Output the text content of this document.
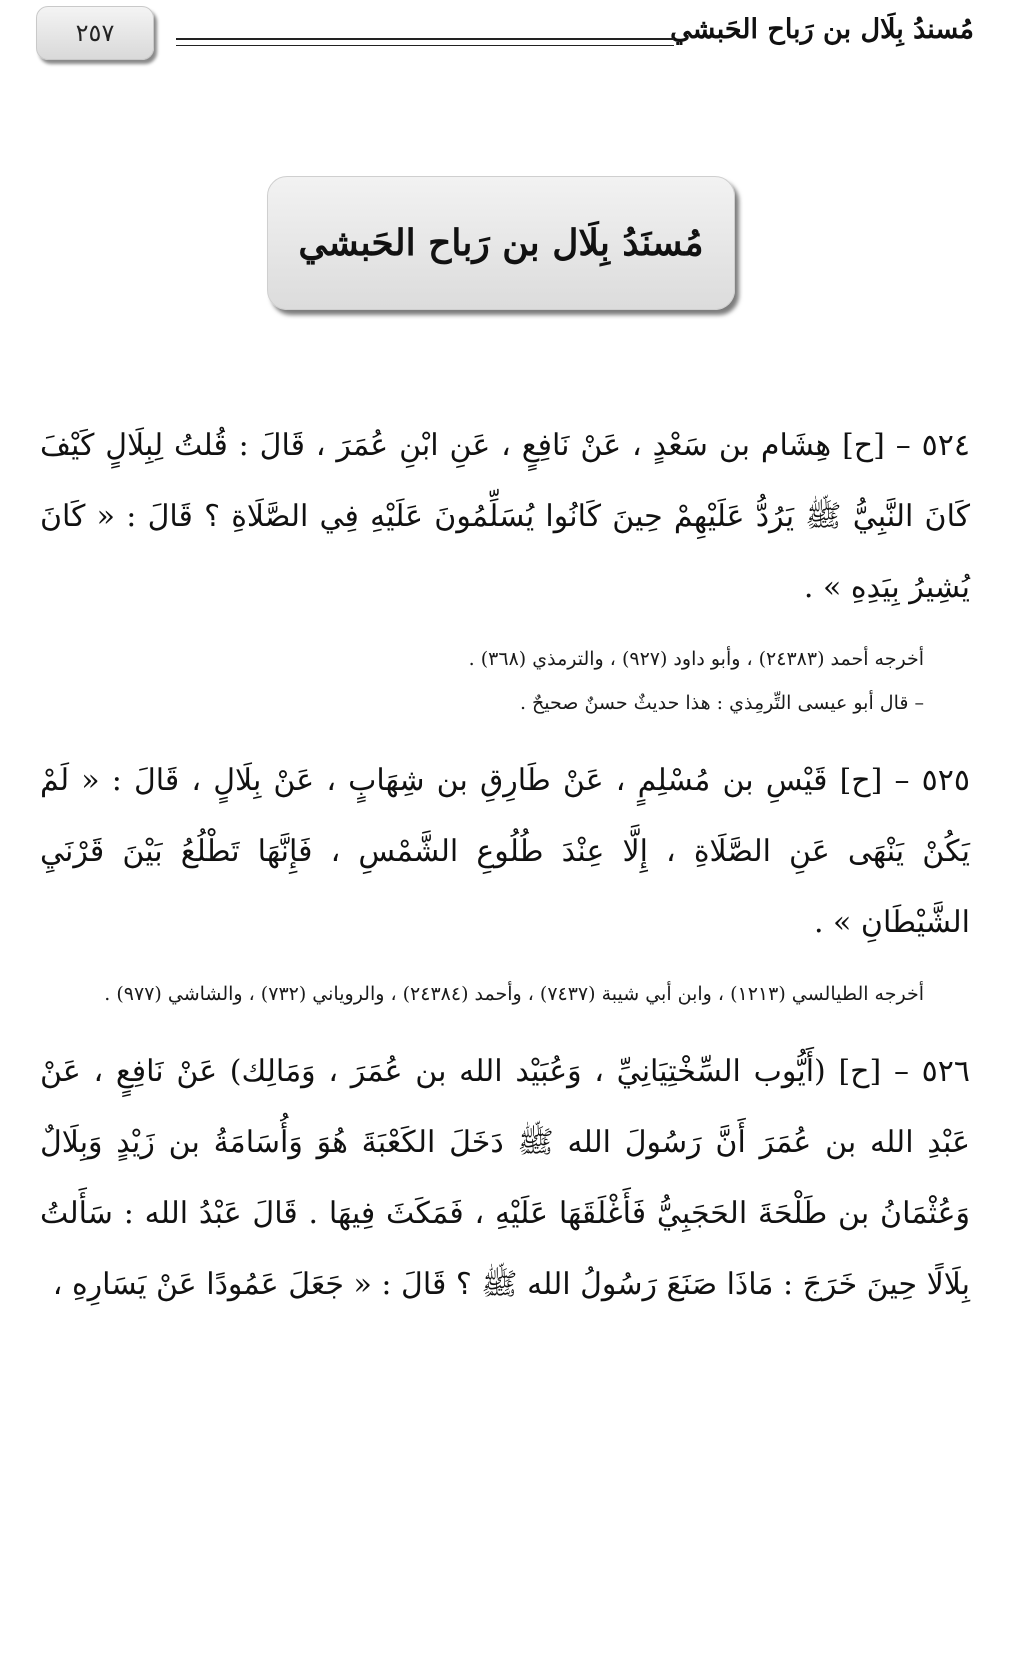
مُسندُ بِلَال بن رَباح الحَبشي
٢٥٧
مُسنَدُ بِلَال بن رَباح الحَبشي

٥٢٤ – [ح] هِشَام بن سَعْدٍ ، عَنْ نَافِعٍ ، عَنِ ابْنِ عُمَرَ ، قَالَ : قُلتُ لِبِلَالٍ كَيْفَ كَانَ النَّبِيُّ ﷺ يَرُدُّ عَلَيْهِمْ حِينَ كَانُوا يُسَلِّمُونَ عَلَيْهِ فِي الصَّلَاةِ ؟ قَالَ : « كَانَ يُشِيرُ بِيَدِهِ » .

أخرجه أحمد (٢٤٣٨٣) ، وأبو داود (٩٢٧) ، والترمذي (٣٦٨) .

– قال أبو عيسى التِّرمِذي : هذا حديثٌ حسنٌ صحيحٌ .

٥٢٥ – [ح] قَيْسِ بن مُسْلِمٍ ، عَنْ طَارِقِ بن شِهَابٍ ، عَنْ بِلَالٍ ، قَالَ : « لَمْ يَكُنْ يَنْهَى عَنِ الصَّلَاةِ ، إِلَّا عِنْدَ طُلُوعِ الشَّمْسِ ، فَإِنَّهَا تَطْلُعُ بَيْنَ قَرْنَيِ الشَّيْطَانِ » .

أخرجه الطيالسي (١٢١٣) ، وابن أبي شيبة (٧٤٣٧) ، وأحمد (٢٤٣٨٤) ، والروياني (٧٣٢) ، والشاشي (٩٧٧) .

٥٢٦ – [ح] (أَيُّوب السِّخْتِيَانِيِّ ، وَعُبَيْد الله بن عُمَرَ ، وَمَالِك) عَنْ نَافِعٍ ، عَنْ عَبْدِ الله بن عُمَرَ أَنَّ رَسُولَ الله ﷺ دَخَلَ الكَعْبَةَ هُوَ وَأُسَامَةُ بن زَيْدٍ وَبِلَالٌ وَعُثْمَانُ بن طَلْحَةَ الحَجَبِيُّ فَأَغْلَقَهَا عَلَيْهِ ، فَمَكَثَ فِيهَا . قَالَ عَبْدُ الله : سَأَلتُ بِلَالًا حِينَ خَرَجَ : مَاذَا صَنَعَ رَسُولُ الله ﷺ ؟ قَالَ : « جَعَلَ عَمُودًا عَنْ يَسَارِهِ ،
